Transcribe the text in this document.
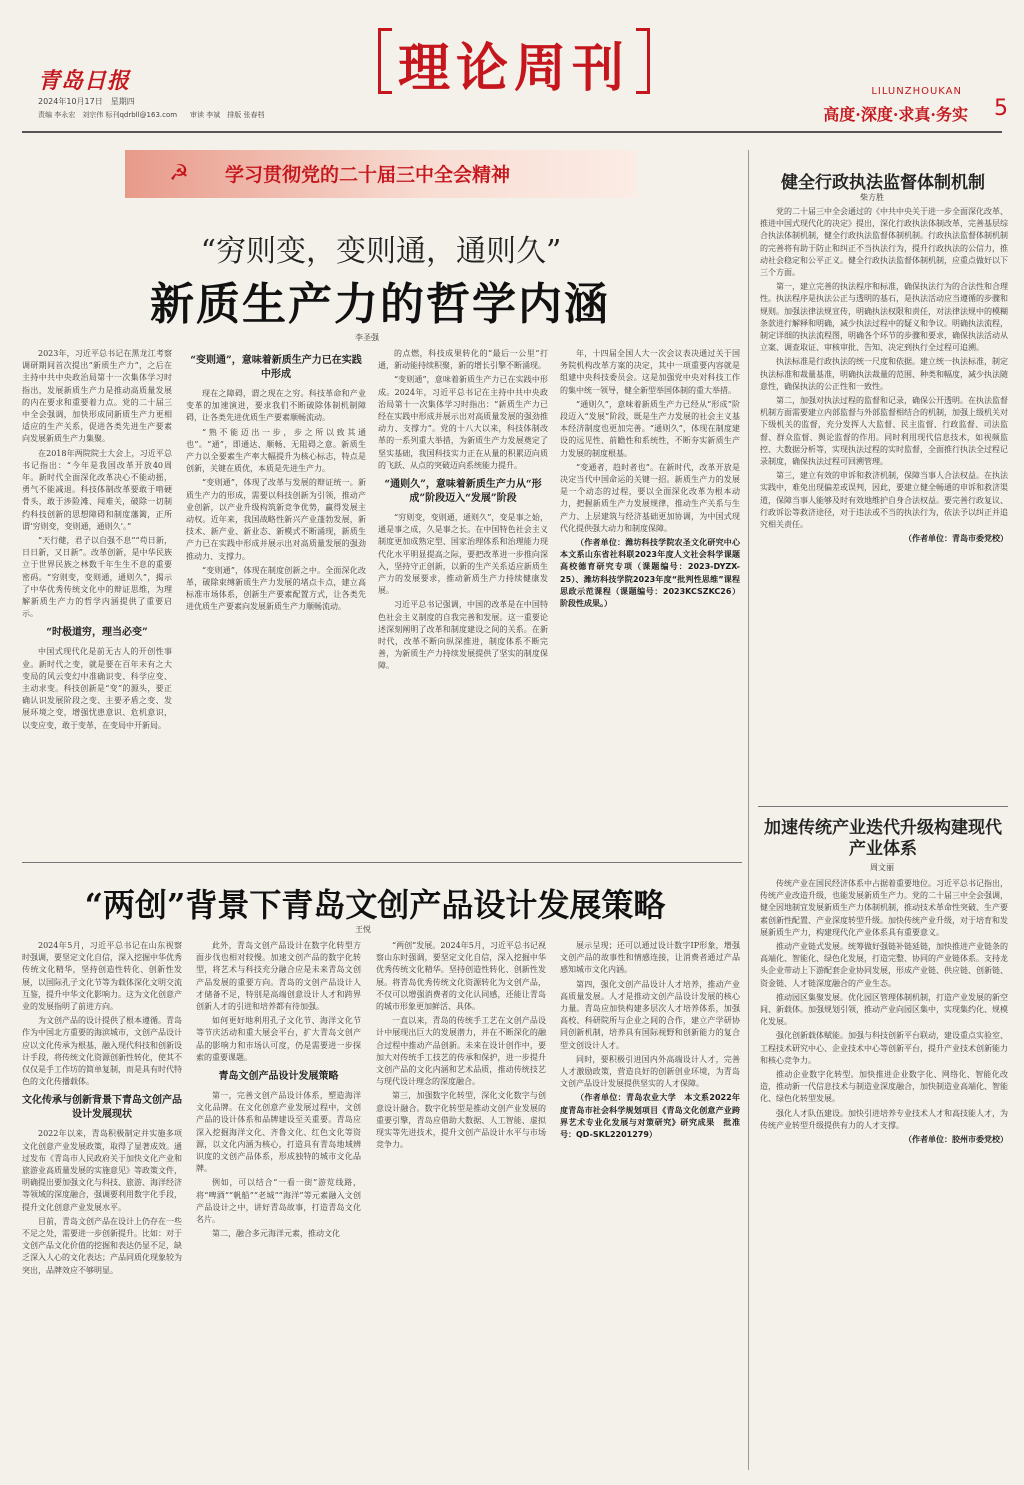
青岛日报
2024年10月17日　星期四
责编 李永宏　刘宗伟 标刊qdrbll@163.com 审读 李斌　排版 张春档
理论周刊	LILUNZHOUKAN
高度·深度·求真·务实 5
☭ 学习贯彻党的二十届三中全会精神
“穷则变，变则通，通则久”
新质生产力的哲学内涵
李圣强

2023年，习近平总书记在黑龙江考察调研期间首次提出“新质生产力”，之后在主持中共中央政治局第十一次集体学习时指出，发展新质生产力是推动高质量发展的内在要求和重要着力点。党的二十届三中全会强调，加快形成同新质生产力更相适应的生产关系，促进各类先进生产要素向发展新质生产力集聚。

在2018年两院院士大会上，习近平总书记指出：“今年是我国改革开放40周年。新时代全面深化改革决心不能动摇，勇气不能减退。科技体制改革要敢于啃硬骨头，敢于涉险滩、闯难关，破除一切制约科技创新的思想障碍和制度藩篱，正所谓‘穷则变，变则通，通则久’。”

“天行健，君子以自强不息”“苟日新，日日新，又日新”。改革创新，是中华民族立于世界民族之林数千年生生不息的重要密码。“穷则变，变则通，通则久”，揭示了中华优秀传统文化中的辩证思维，为理解新质生产力的哲学内涵提供了重要启示。

“时极道穷，理当必变”

中国式现代化是前无古人的开创性事业。新时代之变，就是要在百年未有之大变局的风云变幻中准确识变、科学应变、主动求变。科技创新是“变”的源头，要正确认识发展阶段之变、主要矛盾之变、发展环境之变，增强忧患意识、危机意识，以变应变，敢于变革，在变局中开新局。

“变则通”，意味着新质生产力已在实践中形成

现在之障碍，谓之现在之穷。科技革命和产业变革的加速演进，要求我们不断破除体制机制障碍，让各类先进优质生产要素顺畅流动。

“熟不能迈出一步，步之所以致其通也”。“通”，即通达、顺畅、无阻碍之意。新质生产力以全要素生产率大幅提升为核心标志，特点是创新，关键在质优，本质是先进生产力。

“变则通”，体现了改革与发展的辩证统一。新质生产力的形成，需要以科技创新为引领，推动产业创新，以产业升级构筑新竞争优势，赢得发展主动权。近年来，我国战略性新兴产业蓬勃发展，新技术、新产业、新业态、新模式不断涌现，新质生产力已在实践中形成并展示出对高质量发展的强劲推动力、支撑力。

“变则通”，体现在制度创新之中。全面深化改革，破除束缚新质生产力发展的堵点卡点，建立高标准市场体系，创新生产要素配置方式，让各类先进优质生产要素向发展新质生产力顺畅流动。

的点燃，科技成果转化的“最后一公里”打通，新动能持续积聚，新的增长引擎不断涌现。

“变则通”，意味着新质生产力已在实践中形成。2024年，习近平总书记在主持中共中央政治局第十一次集体学习时指出：“新质生产力已经在实践中形成并展示出对高质量发展的强劲推动力、支撑力”。党的十八大以来，科技体制改革的一系列重大举措，为新质生产力发展奠定了坚实基础，我国科技实力正在从量的积累迈向质的飞跃、从点的突破迈向系统能力提升。

“通则久”，意味着新质生产力从“形成”阶段迈入“发展”阶段

“穷则变，变则通，通则久”，变是事之始，通是事之成，久是事之长。在中国特色社会主义制度更加成熟定型、国家治理体系和治理能力现代化水平明显提高之际，要把改革进一步推向深入，坚持守正创新，以新的生产关系适应新质生产力的发展要求，推动新质生产力持续健康发展。

习近平总书记强调，中国的改革是在中国特色社会主义制度的自我完善和发展。这一重要论述深刻阐明了改革和制度建设之间的关系。在新时代，改革不断向纵深推进，制度体系不断完善，为新质生产力持续发展提供了坚实的制度保障。

年，十四届全国人大一次会议表决通过关于国务院机构改革方案的决定，其中一项重要内容就是组建中央科技委员会。这是加强党中央对科技工作的集中统一领导，健全新型举国体制的重大举措。

“通则久”，意味着新质生产力已经从“形成”阶段迈入“发展”阶段，既是生产力发展的社会主义基本经济制度也更加完善。“通则久”，体现在制度建设的远见性、前瞻性和系统性，不断夯实新质生产力发展的制度根基。

“变通者，趋时者也”。在新时代，改革开放是决定当代中国命运的关键一招。新质生产力的发展是一个动态的过程，要以全面深化改革为根本动力，把握新质生产力发展规律，推动生产关系与生产力、上层建筑与经济基础更加协调，为中国式现代化提供强大动力和制度保障。

（作者单位：潍坊科技学院农圣文化研究中心　本文系山东省社科联2023年度人文社会科学课题高校德育研究专项（课题编号：2023-DYZX-25）、潍坊科技学院2023年度“批判性思维”课程思政示范课程（课题编号：2023KCSZKC26）阶段性成果。）

“两创”背景下青岛文创产品设计发展策略
王悦

2024年5月，习近平总书记在山东视察时强调，要坚定文化自信，深入挖掘中华优秀传统文化精华，坚持创造性转化、创新性发展，以国际孔子文化节等为载体深化文明交流互鉴，提升中华文化影响力。这为文化创意产业的发展指明了前进方向。

为文创产品的设计提供了根本遵循。青岛作为中国北方重要的海滨城市，文创产品设计应以文化传承为根基，融入现代科技和创新设计手段，将传统文化资源创新性转化，使其不仅仅是手工作坊的简单复制，而是具有时代特色的文化传播载体。

文化传承与创新背景下青岛文创产品设计发展现状

2022年以来，青岛积极制定并实施多项文化创意产业发展政策，取得了显著成效。通过发布《青岛市人民政府关于加快文化产业和旅游业高质量发展的实施意见》等政策文件，明确提出要加强文化与科技、旅游、海洋经济等领域的深度融合，强调要利用数字化手段，提升文化创意产业发展水平。

目前，青岛文创产品在设计上仍存在一些不足之处，需要进一步创新提升。比如：对于文创产品文化价值的挖掘和表达仍显不足，缺乏深入人心的文化表达；产品同质化现象较为突出，品牌效应不够明显。

此外，青岛文创产品设计在数字化转型方面步伐也相对较慢。加速文创产品的数字化转型，将艺术与科技充分融合应是未来青岛文创产品发展的重要方向。青岛的文创产品设计人才储备不足，特别是高端创意设计人才和跨界创新人才的引进和培养都有待加强。

如何更好地利用孔子文化节、海洋文化节等节庆活动和重大展会平台，扩大青岛文创产品的影响力和市场认可度，仍是需要进一步探索的重要课题。

青岛文创产品设计发展策略

第一，完善文创产品设计体系，塑造海洋文化品牌。在文化创意产业发展过程中，文创产品的设计体系和品牌建设至关重要。青岛应深入挖掘海洋文化、齐鲁文化、红色文化等资源，以文化内涵为核心，打造具有青岛地域辨识度的文创产品体系，形成独特的城市文化品牌。

例如，可以结合“一看一街”游览线路，将“啤酒”“帆船”“老城”“海洋”等元素融入文创产品设计之中，讲好青岛故事，打造青岛文化名片。

第二，融合多元海洋元素，推动文化

“两创”发展。2024年5月，习近平总书记视察山东时强调，要坚定文化自信，深入挖掘中华优秀传统文化精华。坚持创造性转化、创新性发展。将青岛优秀传统文化资源转化为文创产品，不仅可以增强消费者的文化认同感，还能让青岛的城市形象更加鲜活、具体。

一直以来，青岛的传统手工艺在文创产品设计中展现出巨大的发展潜力，并在不断深化的融合过程中推动产品创新。未来在设计创作中，要加大对传统手工技艺的传承和保护，进一步提升文创产品的文化内涵和艺术品质，推动传统技艺与现代设计理念的深度融合。

第三，加强数字化转型，深化文化数字与创意设计融合。数字化转型是推动文创产业发展的重要引擎，青岛应借助大数据、人工智能、虚拟现实等先进技术，提升文创产品设计水平与市场竞争力。

展示呈现；还可以通过设计数字IP形象，增强文创产品的故事性和情感连接，让消费者通过产品感知城市文化内涵。

第四，强化文创产品设计人才培养，推动产业高质量发展。人才是推动文创产品设计发展的核心力量。青岛应加快构建多层次人才培养体系，加强高校、科研院所与企业之间的合作，建立产学研协同创新机制，培养具有国际视野和创新能力的复合型文创设计人才。

同时，要积极引进国内外高端设计人才，完善人才激励政策，营造良好的创新创业环境，为青岛文创产品设计发展提供坚实的人才保障。

（作者单位：青岛农业大学　本文系2022年度青岛市社会科学规划项目《青岛文化创意产业跨界艺术专业化发展与对策研究》研究成果　批准号：QD-SKL2201279）

健全行政执法监督体制机制
柴方胜

党的二十届三中全会通过的《中共中央关于进一步全面深化改革、推进中国式现代化的决定》提出，深化行政执法体制改革，完善基层综合执法体制机制，健全行政执法监督体制机制。行政执法监督体制机制的完善将有助于防止和纠正不当执法行为，提升行政执法的公信力，推动社会稳定和公平正义。健全行政执法监督体制机制，应重点做好以下三个方面。

第一，建立完善的执法程序和标准，确保执法行为的合法性和合理性。执法程序是执法公正与透明的基石，是执法活动应当遵循的步骤和规则。加强法律法规宣传，明确执法权限和责任，对法律法规中的模糊条款进行解释和明确，减少执法过程中的疑义和争议。明确执法流程，制定详细的执法流程图，明确各个环节的步骤和要求，确保执法活动从立案、调查取证、审核审批、告知、决定到执行全过程可追溯。

执法标准是行政执法的统一尺度和依据。建立统一执法标准，制定执法标准和裁量基准，明确执法裁量的范围、种类和幅度，减少执法随意性，确保执法的公正性和一致性。

第二，加强对执法过程的监督和记录，确保公开透明。在执法监督机制方面需要建立内部监督与外部监督相结合的机制，加强上级机关对下级机关的监督，充分发挥人大监督、民主监督、行政监督、司法监督、群众监督、舆论监督的作用。同时利用现代信息技术，如视频监控、大数据分析等，实现执法过程的实时监督，全面推行执法全过程记录制度，确保执法过程可回溯管理。

第三，建立有效的申诉和救济机制，保障当事人合法权益。在执法实践中，难免出现偏差或误判，因此，要建立健全畅通的申诉和救济渠道，保障当事人能够及时有效地维护自身合法权益。要完善行政复议、行政诉讼等救济途径，对于违法或不当的执法行为，依法予以纠正并追究相关责任。

（作者单位：青岛市委党校）

加速传统产业迭代升级构建现代产业体系
周文丽

传统产业在国民经济体系中占据着重要地位。习近平总书记指出，传统产业改造升级，也能发展新质生产力。党的二十届三中全会强调，健全因地制宜发展新质生产力体制机制，推动技术革命性突破、生产要素创新性配置、产业深度转型升级。加快传统产业升级，对于培育和发展新质生产力，构建现代化产业体系具有重要意义。

推动产业链式发展。统筹做好强链补链延链，加快推进产业链条的高端化、智能化、绿色化发展，打造完整、协同的产业链体系。支持龙头企业带动上下游配套企业协同发展，形成产业链、供应链、创新链、资金链、人才链深度融合的产业生态。

推动园区集聚发展。优化园区管理体制机制，打造产业发展的新空间、新载体。加强规划引领，推动产业向园区集中，实现集约化、规模化发展。

强化创新载体赋能。加强与科技创新平台联动，建设重点实验室、工程技术研究中心、企业技术中心等创新平台，提升产业技术创新能力和核心竞争力。

推动企业数字化转型。加快推进企业数字化、网络化、智能化改造，推动新一代信息技术与制造业深度融合，加快制造业高端化、智能化、绿色化转型发展。

强化人才队伍建设。加快引进培养专业技术人才和高技能人才，为传统产业转型升级提供有力的人才支撑。

（作者单位：胶州市委党校）
